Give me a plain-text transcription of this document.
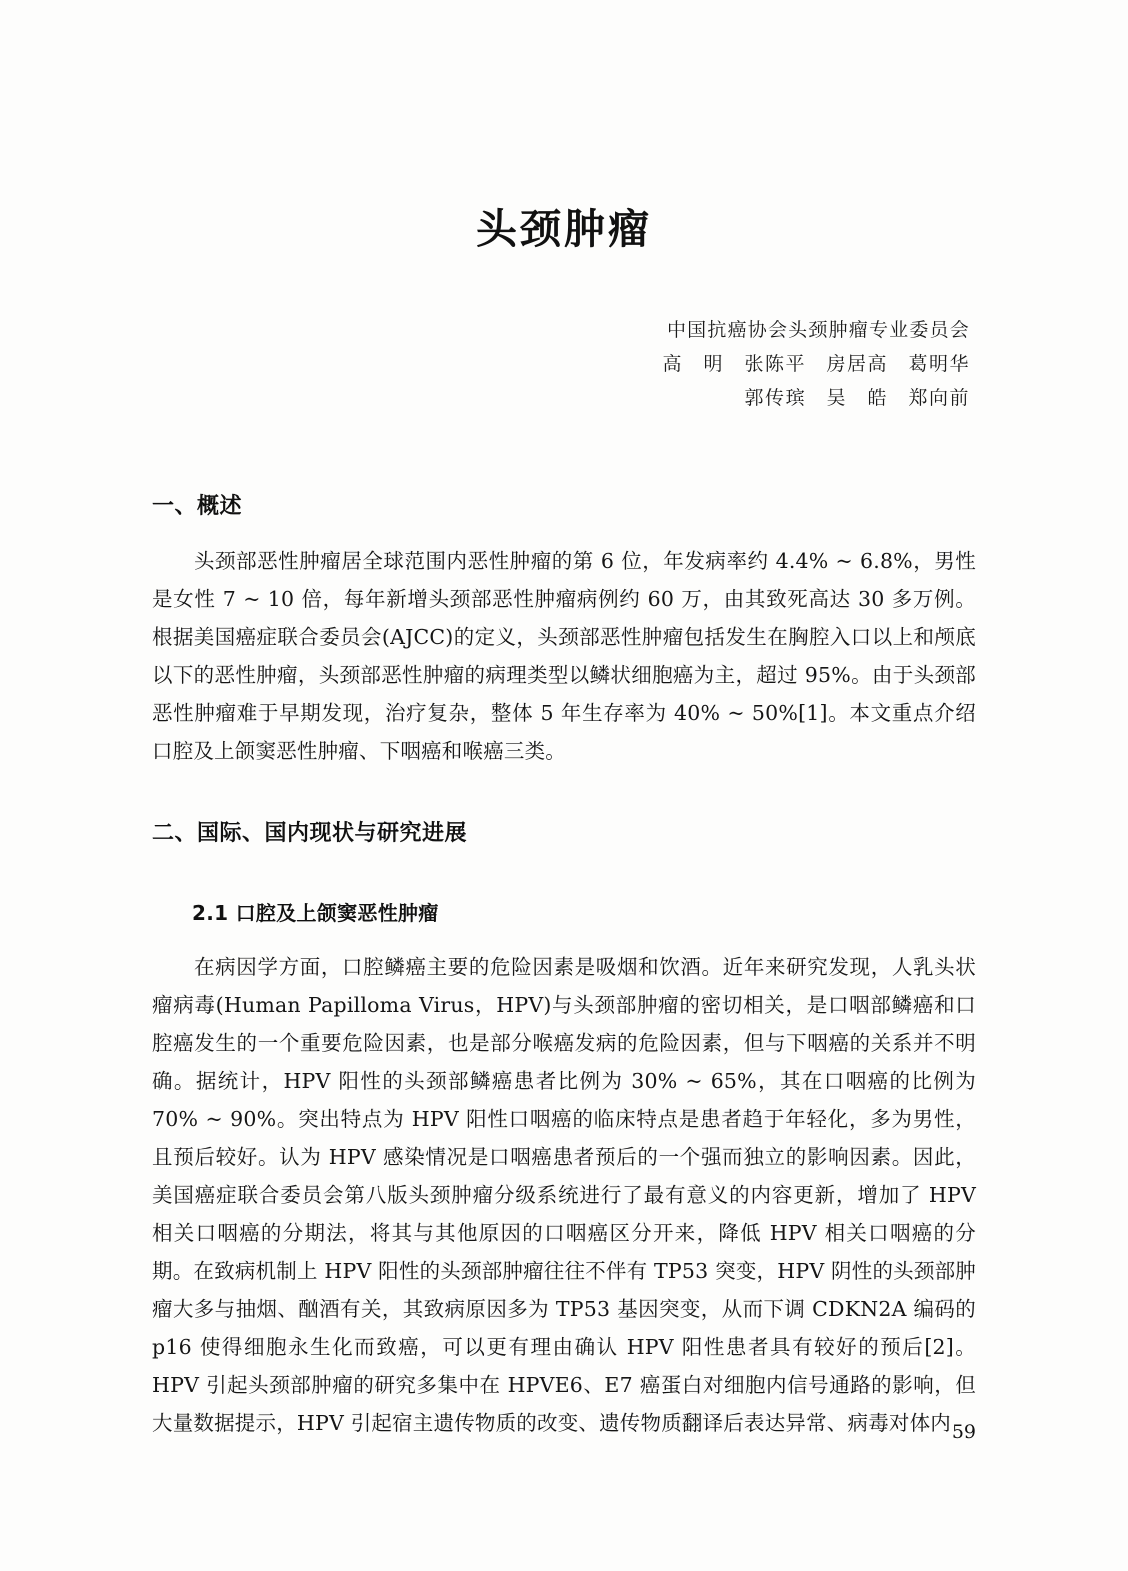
头颈肿瘤
中国抗癌协会头颈肿瘤专业委员会
高　明　张陈平　房居高　葛明华
郭传瑸　吴　皓　郑向前
一、概述

头颈部恶性肿瘤居全球范围内恶性肿瘤的第 6 位，年发病率约 4.4% ~ 6.8%，男性是女性 7 ~ 10 倍，每年新增头颈部恶性肿瘤病例约 60 万，由其致死高达 30 多万例。根据美国癌症联合委员会(AJCC)的定义，头颈部恶性肿瘤包括发生在胸腔入口以上和颅底以下的恶性肿瘤，头颈部恶性肿瘤的病理类型以鳞状细胞癌为主，超过 95%。由于头颈部恶性肿瘤难于早期发现，治疗复杂，整体 5 年生存率为 40% ~ 50%[1]。本文重点介绍口腔及上颌窦恶性肿瘤、下咽癌和喉癌三类。

二、国际、国内现状与研究进展
2.1 口腔及上颌窦恶性肿瘤

在病因学方面，口腔鳞癌主要的危险因素是吸烟和饮酒。近年来研究发现，人乳头状瘤病毒(Human Papilloma Virus，HPV)与头颈部肿瘤的密切相关，是口咽部鳞癌和口腔癌发生的一个重要危险因素，也是部分喉癌发病的危险因素，但与下咽癌的关系并不明确。据统计，HPV 阳性的头颈部鳞癌患者比例为 30% ~ 65%，其在口咽癌的比例为 70% ~ 90%。突出特点为 HPV 阳性口咽癌的临床特点是患者趋于年轻化，多为男性，且预后较好。认为 HPV 感染情况是口咽癌患者预后的一个强而独立的影响因素。因此，美国癌症联合委员会第八版头颈肿瘤分级系统进行了最有意义的内容更新，增加了 HPV 相关口咽癌的分期法，将其与其他原因的口咽癌区分开来，降低 HPV 相关口咽癌的分期。在致病机制上 HPV 阳性的头颈部肿瘤往往不伴有 TP53 突变，HPV 阴性的头颈部肿瘤大多与抽烟、酗酒有关，其致病原因多为 TP53 基因突变，从而下调 CDKN2A 编码的 p16 使得细胞永生化而致癌，可以更有理由确认 HPV 阳性患者具有较好的预后[2]。HPV 引起头颈部肿瘤的研究多集中在 HPVE6、E7 癌蛋白对细胞内信号通路的影响，但大量数据提示，HPV 引起宿主遗传物质的改变、遗传物质翻译后表达异常、病毒对体内 59
